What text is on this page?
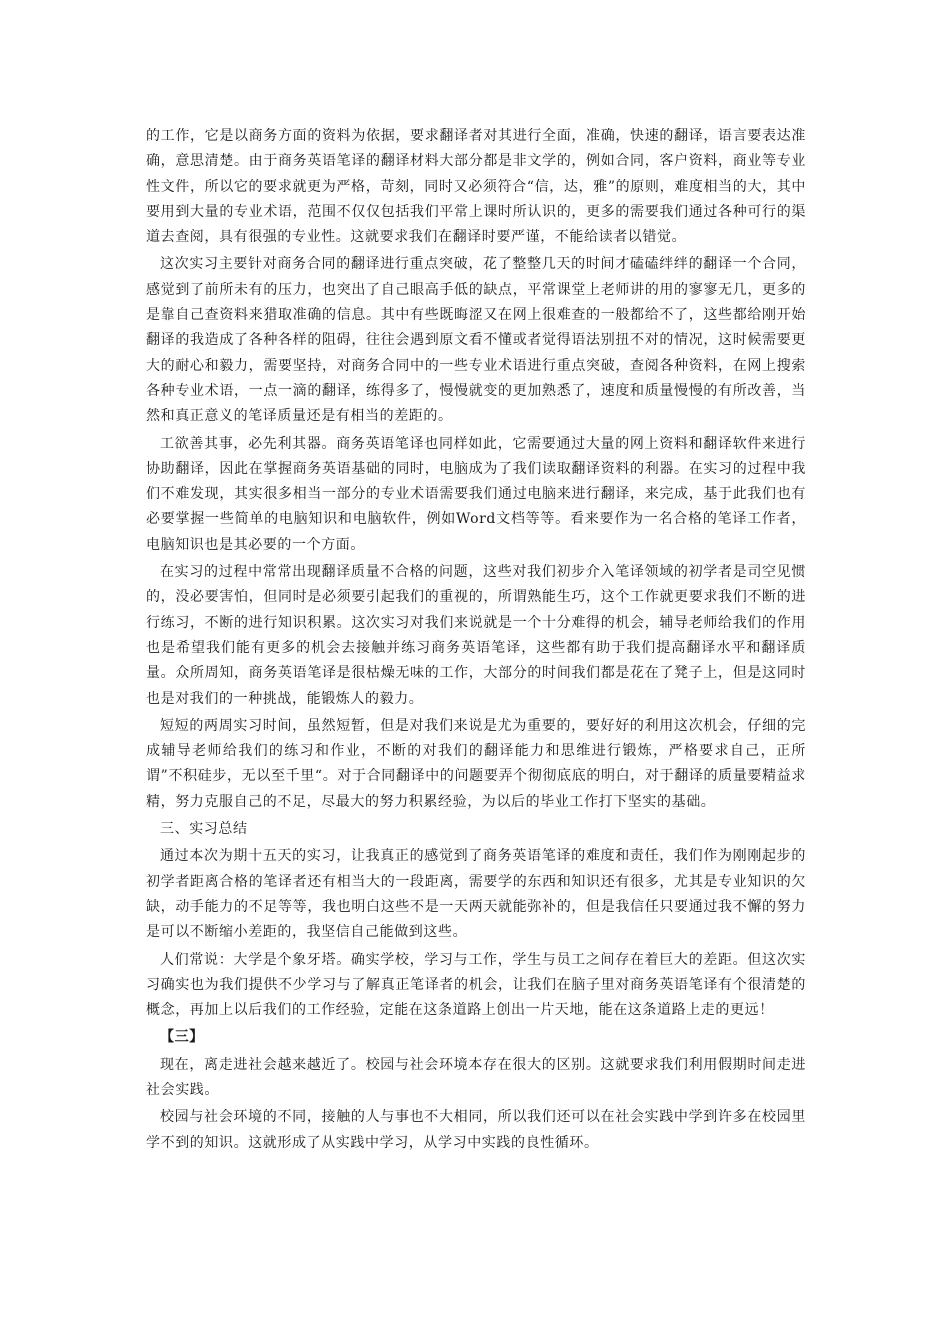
的工作，它是以商务方面的资料为依据，要求翻译者对其进行全面，准确，快速的翻译，语言要表达准确，意思清楚。由于商务英语笔译的翻译材料大部分都是非文学的，例如合同，客户资料，商业等专业性文件，所以它的要求就更为严格，苛刻，同时又必须符合“信，达，雅”的原则，难度相当的大，其中要用到大量的专业术语，范围不仅仅包括我们平常上课时所认识的，更多的需要我们通过各种可行的渠道去查阅，具有很强的专业性。这就要求我们在翻译时要严谨，不能给读者以错觉。

这次实习主要针对商务合同的翻译进行重点突破，花了整整几天的时间才磕磕绊绊的翻译一个合同，感觉到了前所未有的压力，也突出了自己眼高手低的缺点，平常课堂上老师讲的用的寥寥无几，更多的是靠自己查资料来猎取准确的信息。其中有些既晦涩又在网上很难查的一般都给不了，这些都给刚开始翻译的我造成了各种各样的阻碍，往往会遇到原文看不懂或者觉得语法别扭不对的情况，这时候需要更大的耐心和毅力，需要坚持，对商务合同中的一些专业术语进行重点突破，查阅各种资料，在网上搜索各种专业术语，一点一滴的翻译，练得多了，慢慢就变的更加熟悉了，速度和质量慢慢的有所改善，当然和真正意义的笔译质量还是有相当的差距的。

工欲善其事，必先利其器。商务英语笔译也同样如此，它需要通过大量的网上资料和翻译软件来进行协助翻译，因此在掌握商务英语基础的同时，电脑成为了我们读取翻译资料的利器。在实习的过程中我们不难发现，其实很多相当一部分的专业术语需要我们通过电脑来进行翻译，来完成，基于此我们也有必要掌握一些简单的电脑知识和电脑软件，例如Word文档等等。看来要作为一名合格的笔译工作者，电脑知识也是其必要的一个方面。

在实习的过程中常常出现翻译质量不合格的问题，这些对我们初步介入笔译领域的初学者是司空见惯的，没必要害怕，但同时是必须要引起我们的重视的，所谓熟能生巧，这个工作就更要求我们不断的进行练习，不断的进行知识积累。这次实习对我们来说就是一个十分难得的机会，辅导老师给我们的作用也是希望我们能有更多的机会去接触并练习商务英语笔译，这些都有助于我们提高翻译水平和翻译质量。众所周知，商务英语笔译是很枯燥无味的工作，大部分的时间我们都是花在了凳子上，但是这同时也是对我们的一种挑战，能锻炼人的毅力。

短短的两周实习时间，虽然短暂，但是对我们来说是尤为重要的，要好好的利用这次机会，仔细的完成辅导老师给我们的练习和作业，不断的对我们的翻译能力和思维进行锻炼，严格要求自己，正所谓”不积硅步，无以至千里“。对于合同翻译中的问题要弄个彻彻底底的明白，对于翻译的质量要精益求精，努力克服自己的不足，尽最大的努力积累经验，为以后的毕业工作打下坚实的基础。

三、实习总结

通过本次为期十五天的实习，让我真正的感觉到了商务英语笔译的难度和责任，我们作为刚刚起步的初学者距离合格的笔译者还有相当大的一段距离，需要学的东西和知识还有很多，尤其是专业知识的欠缺，动手能力的不足等等，我也明白这些不是一天两天就能弥补的，但是我信任只要通过我不懈的努力是可以不断缩小差距的，我坚信自己能做到这些。

人们常说：大学是个象牙塔。确实学校，学习与工作，学生与员工之间存在着巨大的差距。但这次实习确实也为我们提供不少学习与了解真正笔译者的机会，让我们在脑子里对商务英语笔译有个很清楚的概念，再加上以后我们的工作经验，定能在这条道路上创出一片天地，能在这条道路上走的更远！

【三】

现在，离走进社会越来越近了。校园与社会环境本存在很大的区别。这就要求我们利用假期时间走进社会实践。

校园与社会环境的不同，接触的人与事也不大相同，所以我们还可以在社会实践中学到许多在校园里学不到的知识。这就形成了从实践中学习，从学习中实践的良性循环。
